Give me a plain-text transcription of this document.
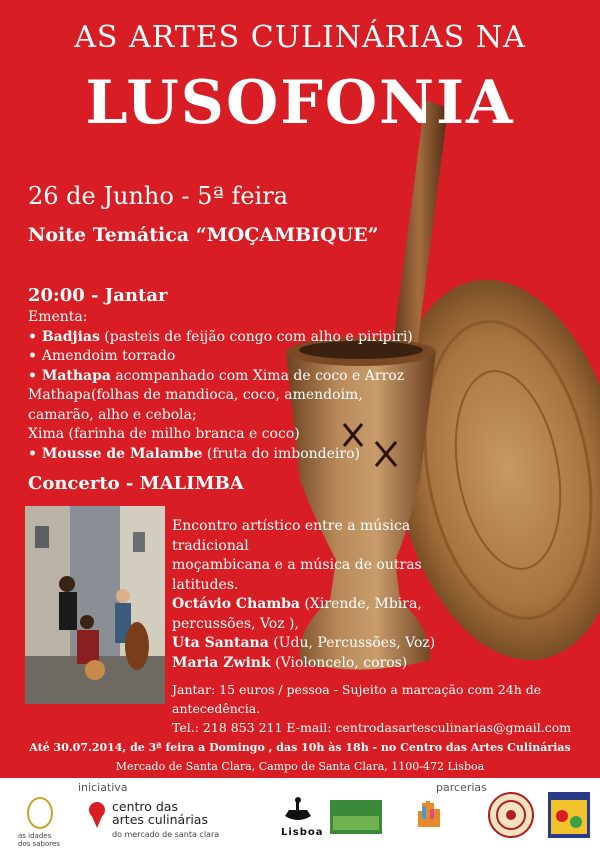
AS ARTES CULINÁRIAS NA
LUSOFONIA
26 de Junho - 5ª feira
Noite Temática “MOÇAMBIQUE”
20:00 - Jantar
Ementa:
• Badjias (pasteis de feijão congo com alho e piripiri)
• Amendoim torrado
• Mathapa acompanhado com Xima de coco e Arroz
Mathapa(folhas de mandioca, coco, amendoim, camarão, alho e cebola;
Xima (farinha de milho branca e coco)
• Mousse de Malambe (fruta do imbondeiro)
Concerto - MALIMBA
Encontro artístico entre a música tradicional
moçambicana e a música de outras latitudes.
Octávio Chamba (Xirende, Mbira,
percussões, Voz ),
Uta Santana (Udu, Percussões, Voz)
Maria Zwink (Violoncelo, coros)
Jantar: 15 euros / pessoa - Sujeito a marcação com 24h de antecedência.
Tel.: 218 853 211 E-mail: centrodasartesculinarias@gmail.com
Até 30.07.2014, de 3ª feira a Domingo , das 10h às 18h - no Centro das Artes Culinárias
Mercado de Santa Clara, Campo de Santa Clara, 1100-472 Lisboa
iniciativa	parcerias
as idades
dos sabores
centro das
artes culinárias
do mercado de santa clara	Lisboa
